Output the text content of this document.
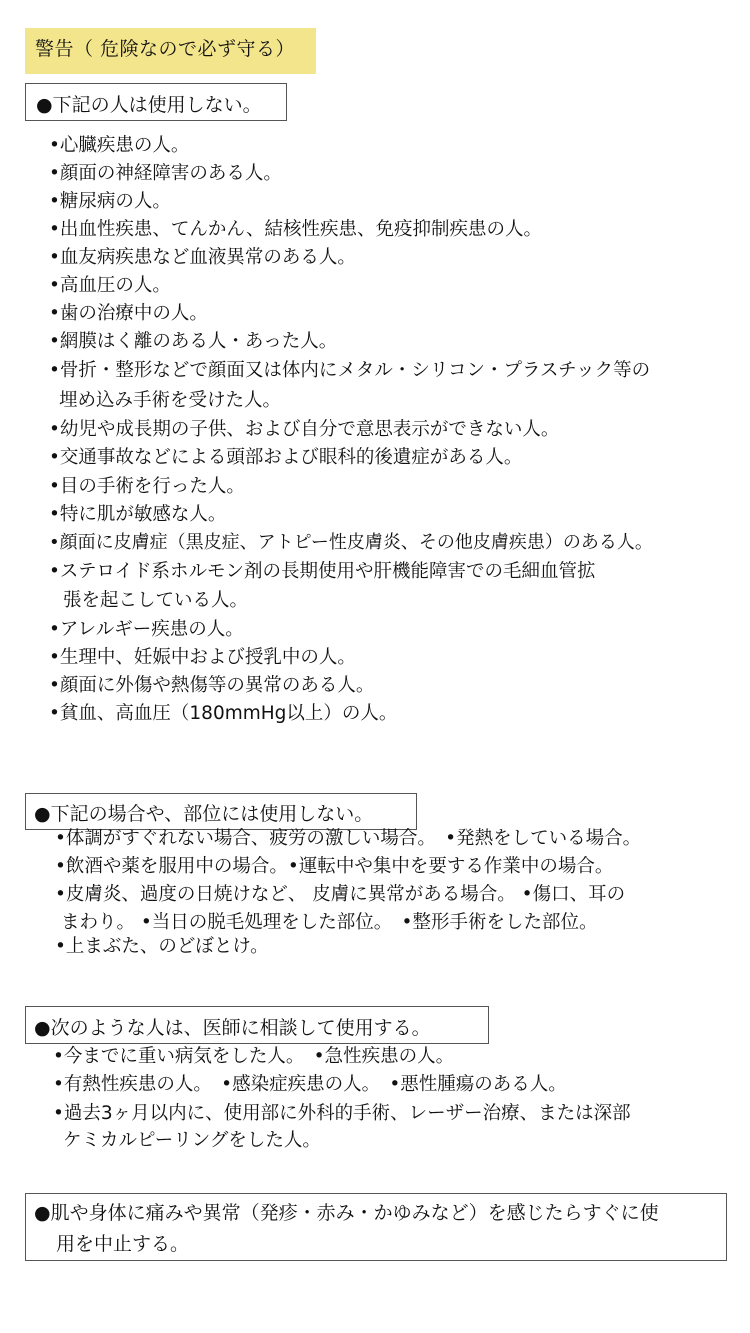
警告（ 危険なので必ず守る）
●下記の人は使用しない。
•心臓疾患の人。
•顔面の神経障害のある人。
•糖尿病の人。
•出血性疾患、てんかん、結核性疾患、免疫抑制疾患の人。
•血友病疾患など血液異常のある人。
•高血圧の人。
•歯の治療中の人。
•網膜はく離のある人・あった人。
•骨折・整形などで顔面又は体内にメタル・シリコン・プラスチック等の
埋め込み手術を受けた人。
•幼児や成長期の子供、および自分で意思表示ができない人。
•交通事故などによる頭部および眼科的後遺症がある人。
•目の手術を行った人。
•特に肌が敏感な人。
•顔面に皮膚症（黒皮症、アトピー性皮膚炎、その他皮膚疾患）のある人。
•ステロイド系ホルモン剤の長期使用や肝機能障害での毛細血管拡
張を起こしている人。
•アレルギー疾患の人。
•生理中、妊娠中および授乳中の人。
•顔面に外傷や熱傷等の異常のある人。
•貧血、高血圧（180mmHg以上）の人。
●下記の場合や、部位には使用しない。
•体調がすぐれない場合、疲労の激しい場合。　•発熱をしている場合。
•飲酒や薬を服用中の場合。•運転中や集中を要する作業中の場合。
•皮膚炎、過度の日焼けなど、 皮膚に異常がある場合。 •傷口、耳の
まわり。 •当日の脱毛処理をした部位。　•整形手術をした部位。
•上まぶた、のどぼとけ。
●次のような人は、医師に相談して使用する。
•今までに重い病気をした人。　•急性疾患の人。
•有熱性疾患の人。　•感染症疾患の人。　•悪性腫瘍のある人。
•過去3ヶ月以内に、使用部に外科的手術、レーザー治療、または深部
ケミカルピーリングをした人。
●肌や身体に痛みや異常（発疹・赤み・かゆみなど）を感じたらすぐに使
用を中止する。
